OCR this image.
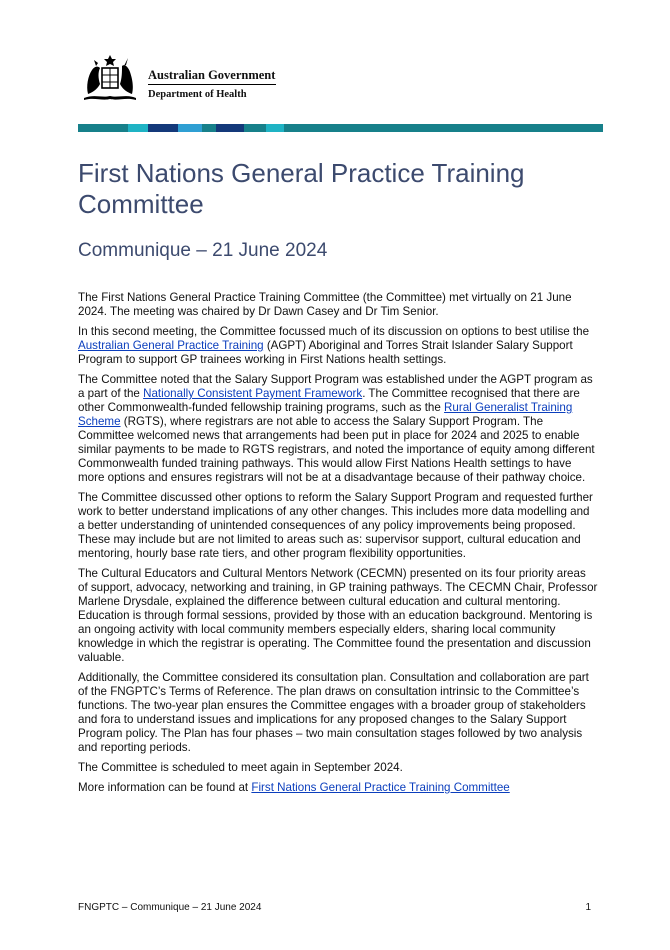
Australian Government
Department of Health
First Nations General Practice Training Committee
Communique – 21 June 2024

The First Nations General Practice Training Committee (the Committee) met virtually on 21 June 2024. The meeting was chaired by Dr Dawn Casey and Dr Tim Senior.

In this second meeting, the Committee focussed much of its discussion on options to best utilise the Australian General Practice Training (AGPT) Aboriginal and Torres Strait Islander Salary Support Program to support GP trainees working in First Nations health settings.

The Committee noted that the Salary Support Program was established under the AGPT program as a part of the Nationally Consistent Payment Framework. The Committee recognised that there are other Commonwealth-funded fellowship training programs, such as the Rural Generalist Training Scheme (RGTS), where registrars are not able to access the Salary Support Program. The Committee welcomed news that arrangements had been put in place for 2024 and 2025 to enable similar payments to be made to RGTS registrars, and noted the importance of equity among different Commonwealth funded training pathways. This would allow First Nations Health settings to have more options and ensures registrars will not be at a disadvantage because of their pathway choice.

The Committee discussed other options to reform the Salary Support Program and requested further work to better understand implications of any other changes. This includes more data modelling and a better understanding of unintended consequences of any policy improvements being proposed. These may include but are not limited to areas such as: supervisor support, cultural education and mentoring, hourly base rate tiers, and other program flexibility opportunities.

The Cultural Educators and Cultural Mentors Network (CECMN) presented on its four priority areas of support, advocacy, networking and training, in GP training pathways. The CECMN Chair, Professor Marlene Drysdale, explained the difference between cultural education and cultural mentoring. Education is through formal sessions, provided by those with an education background. Mentoring is an ongoing activity with local community members especially elders, sharing local community knowledge in which the registrar is operating. The Committee found the presentation and discussion valuable.

Additionally, the Committee considered its consultation plan. Consultation and collaboration are part of the FNGPTC’s Terms of Reference. The plan draws on consultation intrinsic to the Committee’s functions. The two-year plan ensures the Committee engages with a broader group of stakeholders and fora to understand issues and implications for any proposed changes to the Salary Support Program policy. The Plan has four phases – two main consultation stages followed by two analysis and reporting periods.

The Committee is scheduled to meet again in September 2024.

More information can be found at First Nations General Practice Training Committee

FNGPTC – Communique – 21 June 2024	1
